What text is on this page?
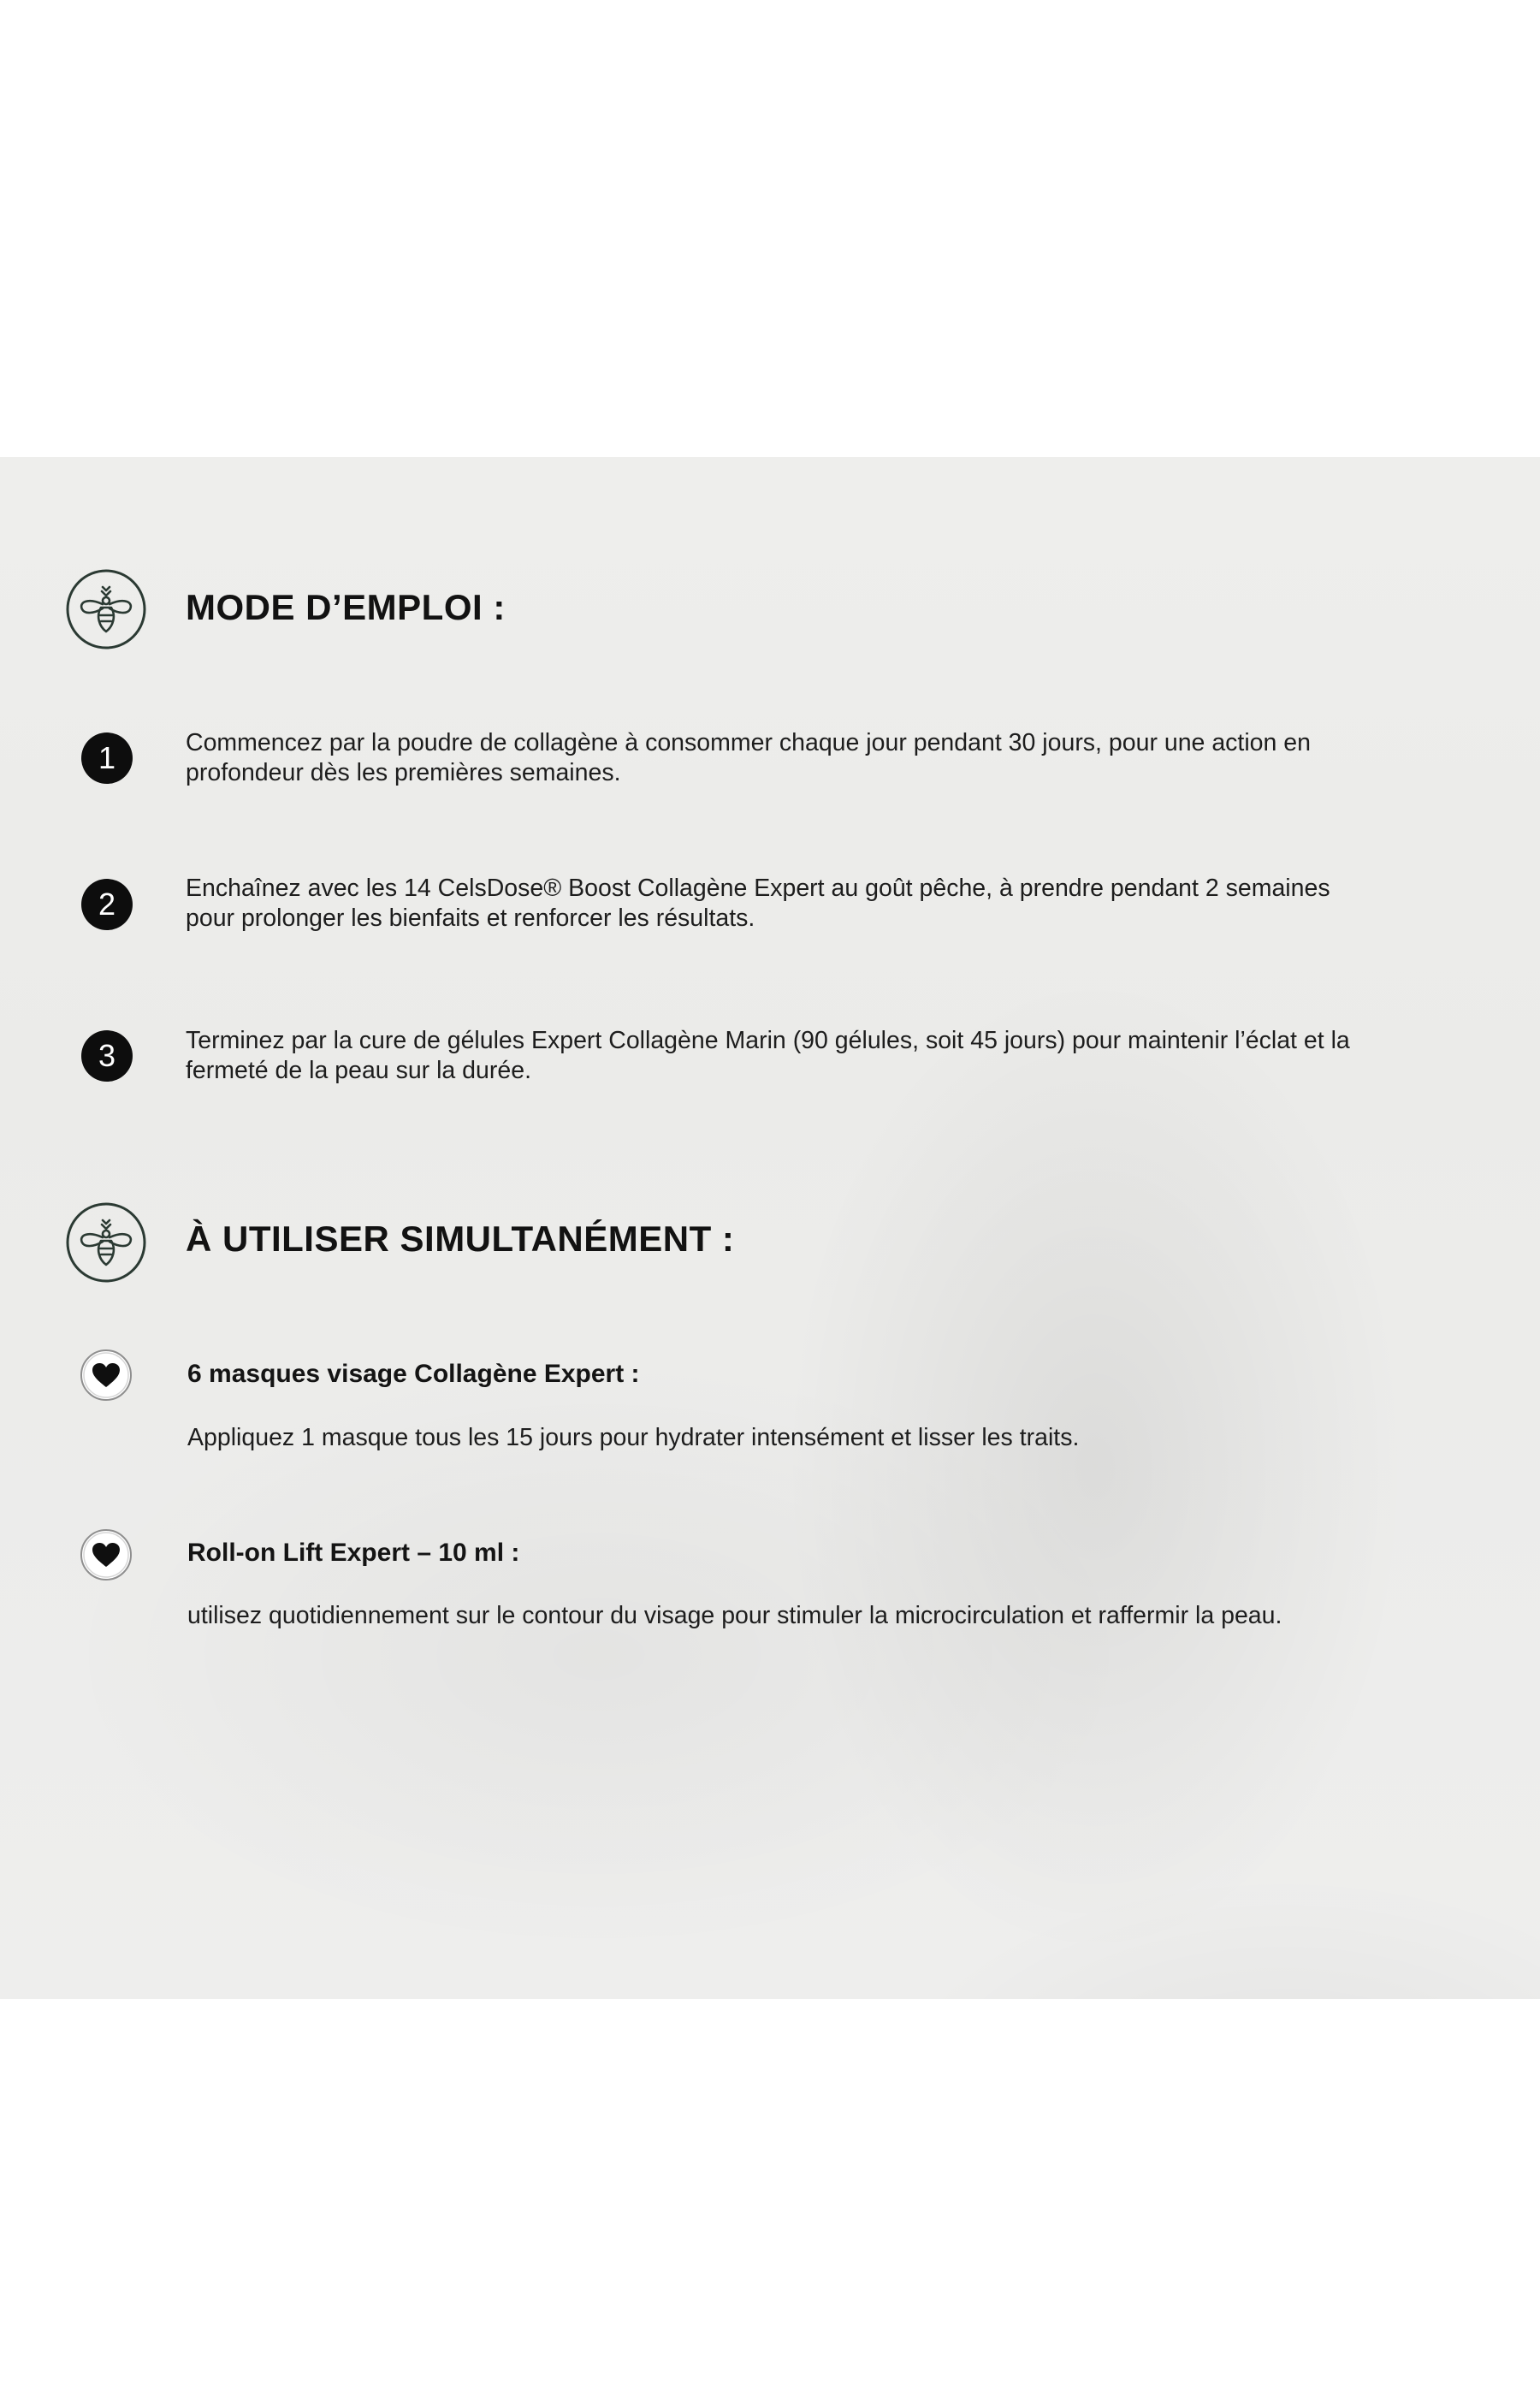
MODE D’EMPLOI :
1	Commencez par la poudre de collagène à consommer chaque jour pendant 30 jours, pour une action en profondeur dès les premières semaines.
2	Enchaînez avec les 14 CelsDose® Boost Collagène Expert au goût pêche, à prendre pendant 2 semaines pour prolonger les bienfaits et renforcer les résultats.
3	Terminez par la cure de gélules Expert Collagène Marin (90 gélules, soit 45 jours) pour maintenir l’éclat et la fermeté de la peau sur la durée.
À UTILISER SIMULTANÉMENT :
6 masques visage Collagène Expert :
Appliquez 1 masque tous les 15 jours pour hydrater intensément et lisser les traits.
Roll-on Lift Expert – 10 ml :
utilisez quotidiennement sur le contour du visage pour stimuler la microcirculation et raffermir la peau.
